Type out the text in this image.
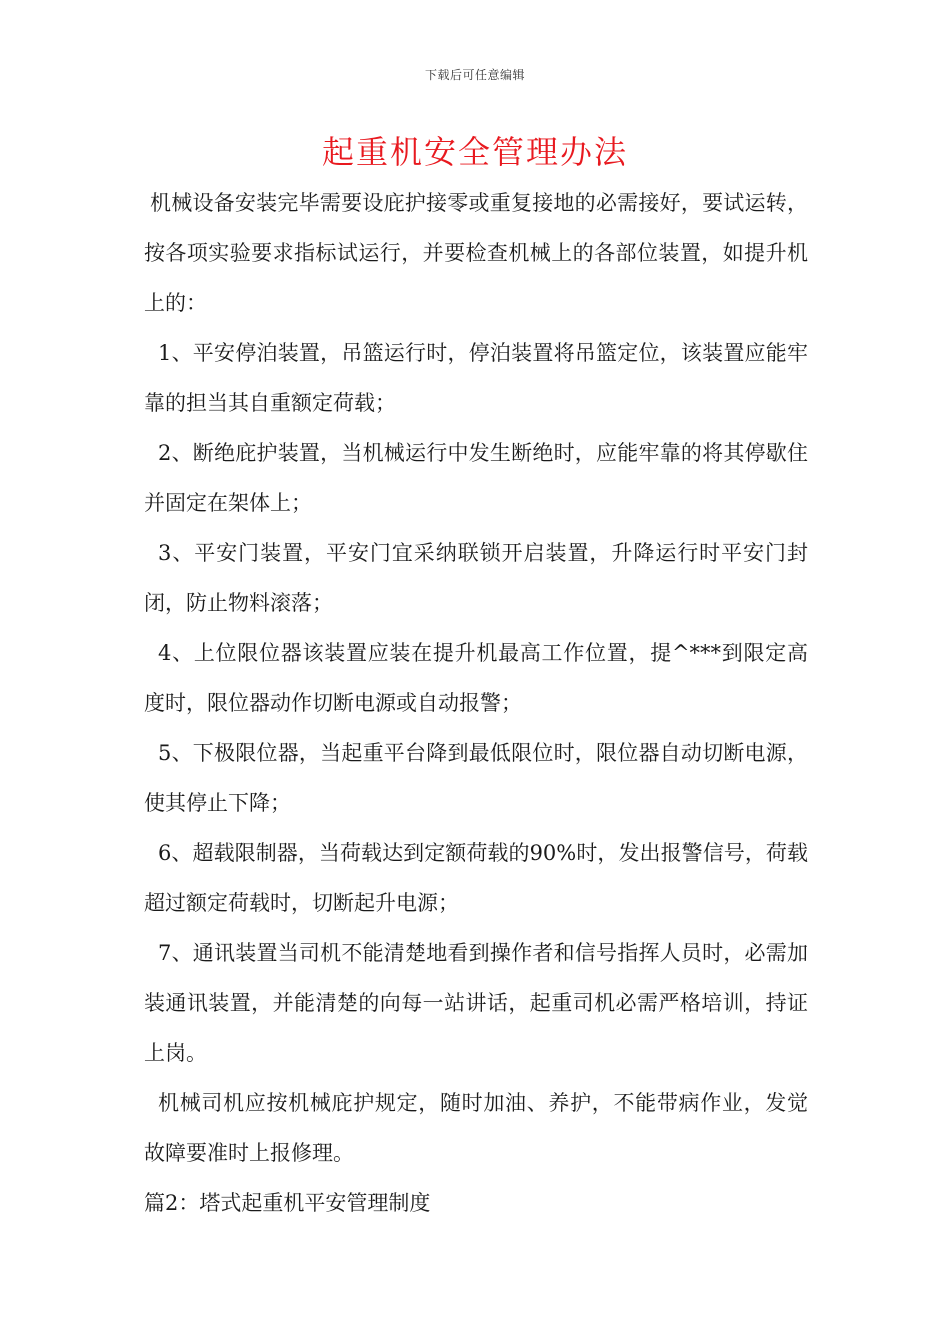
下载后可任意编辑
起重机安全管理办法

机械设备安装完毕需要设庇护接零或重复接地的必需接好，要试运转，按各项实验要求指标试运行，并要检查机械上的各部位装置，如提升机上的：

1、平安停泊装置，吊篮运行时，停泊装置将吊篮定位，该装置应能牢靠的担当其自重额定荷载；

2、断绝庇护装置，当机械运行中发生断绝时，应能牢靠的将其停歇住并固定在架体上；

3、平安门装置，平安门宜采纳联锁开启装置，升降运行时平安门封闭，防止物料滚落；

4、上位限位器该装置应装在提升机最高工作位置，提^***到限定高度时，限位器动作切断电源或自动报警；

5、下极限位器，当起重平台降到最低限位时，限位器自动切断电源，使其停止下降；

6、超载限制器，当荷载达到定额荷载的90%时，发出报警信号，荷载超过额定荷载时，切断起升电源；

7、通讯装置当司机不能清楚地看到操作者和信号指挥人员时，必需加装通讯装置，并能清楚的向每一站讲话，起重司机必需严格培训，持证上岗。

机械司机应按机械庇护规定，随时加油、养护，不能带病作业，发觉故障要准时上报修理。

篇2：塔式起重机平安管理制度
